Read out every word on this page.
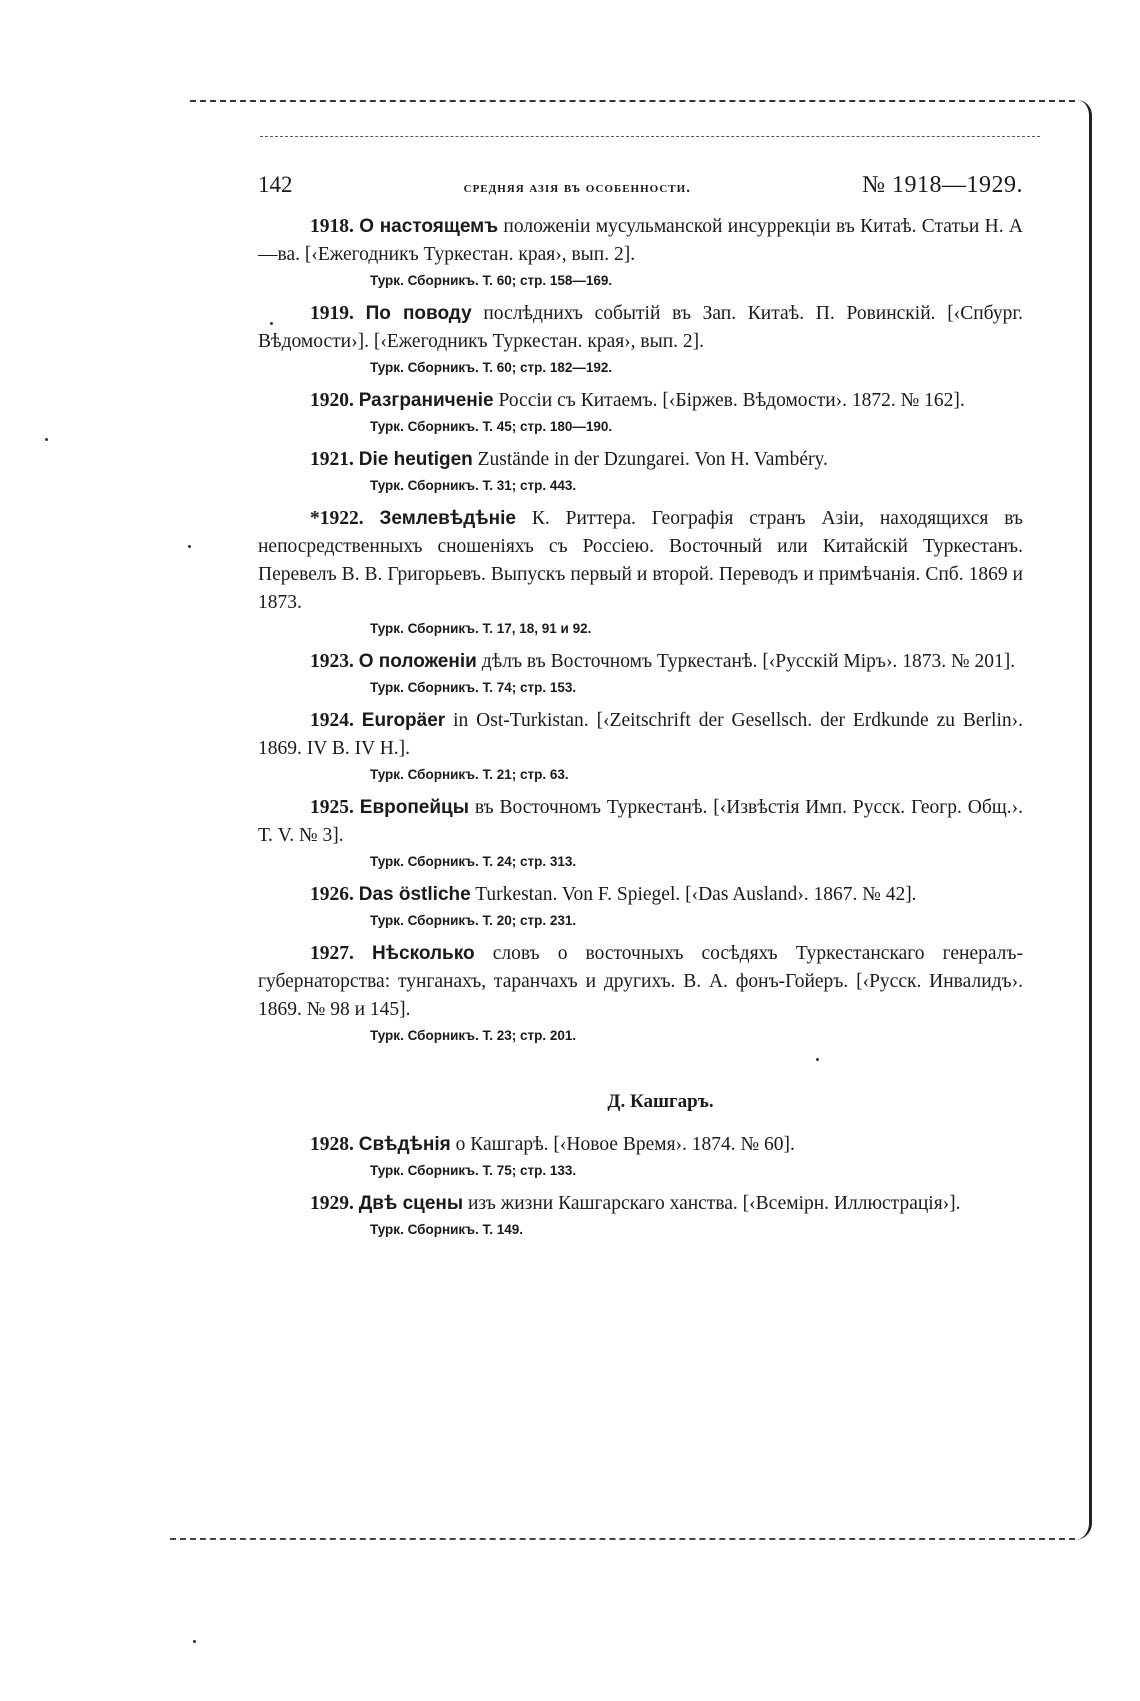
142	средняя азія въ особенности.	№ 1918—1929.

1918. О настоящемъ положеніи мусульманской инсуррекціи въ Китаѣ. Статьи Н. А—ва. [‹Ежегодникъ Туркестан. края›, вып. 2].

Турк. Сборникъ. Т. 60; стр. 158—169.

1919. По поводу послѣднихъ событій въ Зап. Китаѣ. П. Ровинскій. [‹Спбург. Вѣдомости›]. [‹Ежегодникъ Туркестан. края›, вып. 2].

Турк. Сборникъ. Т. 60; стр. 182—192.

1920. Разграниченіе Россіи съ Китаемъ. [‹Бiржев. Вѣдомости›. 1872. № 162].

Турк. Сборникъ. Т. 45; стр. 180—190.

1921. Die heutigen Zustände in der Dzungarei. Von H. Vambéry.

Турк. Сборникъ. Т. 31; стр. 443.

*1922. Землевѣдѣніе К. Риттера. Географія странъ Азіи, находящихся въ непосредственныхъ сношеніяхъ съ Россіею. Восточный или Китайскій Туркестанъ. Перевелъ В. В. Григорьевъ. Выпускъ первый и второй. Переводъ и примѣчанія. Спб. 1869 и 1873.

Турк. Сборникъ. Т. 17, 18, 91 и 92.

1923. О положеніи дѣлъ въ Восточномъ Туркестанѣ. [‹Русскій Міръ›. 1873. № 201].

Турк. Сборникъ. Т. 74; стр. 153.

1924. Europäer in Ost-Turkistan. [‹Zeitschrift der Gesellsch. der Erdkunde zu Berlin›. 1869. IV B. IV H.].

Турк. Сборникъ. Т. 21; стр. 63.

1925. Европейцы въ Восточномъ Туркестанѣ. [‹Извѣстія Имп. Русск. Геогр. Общ.›. Т. V. № 3].

Турк. Сборникъ. Т. 24; стр. 313.

1926. Das östliche Turkestan. Von F. Spiegel. [‹Das Ausland›. 1867. № 42].

Турк. Сборникъ. Т. 20; стр. 231.

1927. Нѣсколько словъ о восточныхъ сосѣдяхъ Туркестанскаго генералъ-губернаторства: тунганахъ, таранчахъ и другихъ. В. А. фонъ-Гойеръ. [‹Русск. Инвалидъ›. 1869. № 98 и 145].

Турк. Сборникъ. Т. 23; стр. 201.
Д. Кашгаръ.

1928. Свѣдѣнія о Кашгарѣ. [‹Новое Время›. 1874. № 60].

Турк. Сборникъ. Т. 75; стр. 133.

1929. Двѣ сцены изъ жизни Кашгарскаго ханства. [‹Всемірн. Иллюстрація›].

Турк. Сборникъ. Т. 149.
